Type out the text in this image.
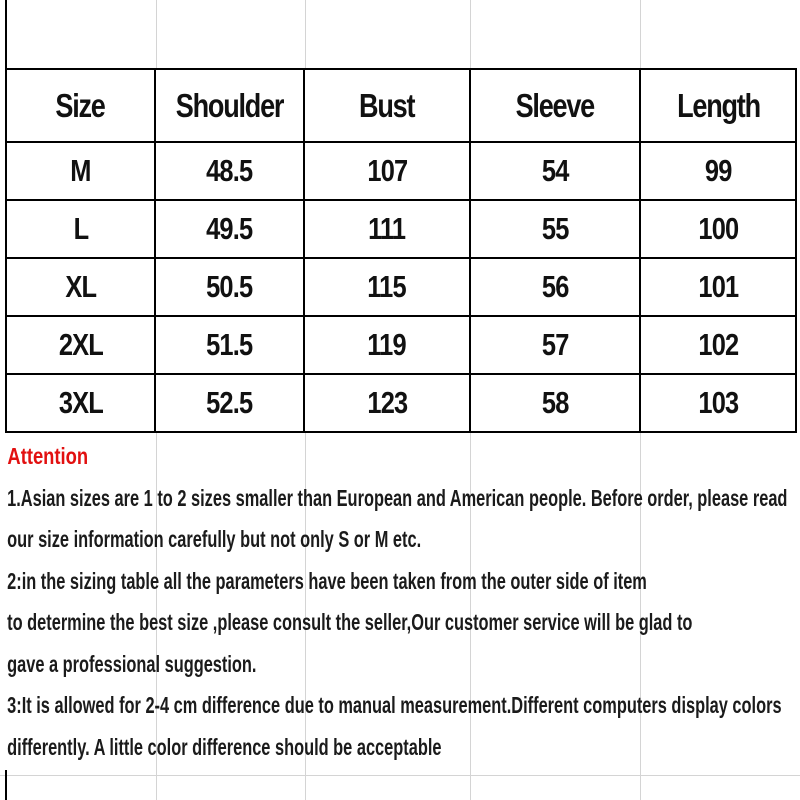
Size	Shoulder	Bust	Sleeve	Length
M	48.5	107	54	99
L	49.5	111	55	100
XL	50.5	115	56	101
2XL	51.5	119	57	102
3XL	52.5	123	58	103
Attention
1.Asian sizes are 1 to 2 sizes smaller than European and American people. Before order, please read
our size information carefully but not only S or M etc.
2:in the sizing table all the parameters have been taken from the outer side of item
to determine the best size ,please consult the seller,Our customer service will be glad to
gave a professional suggestion.
3:It is allowed for 2-4 cm difference due to manual measurement.Different computers display colors
differently. A little color difference should be acceptable
